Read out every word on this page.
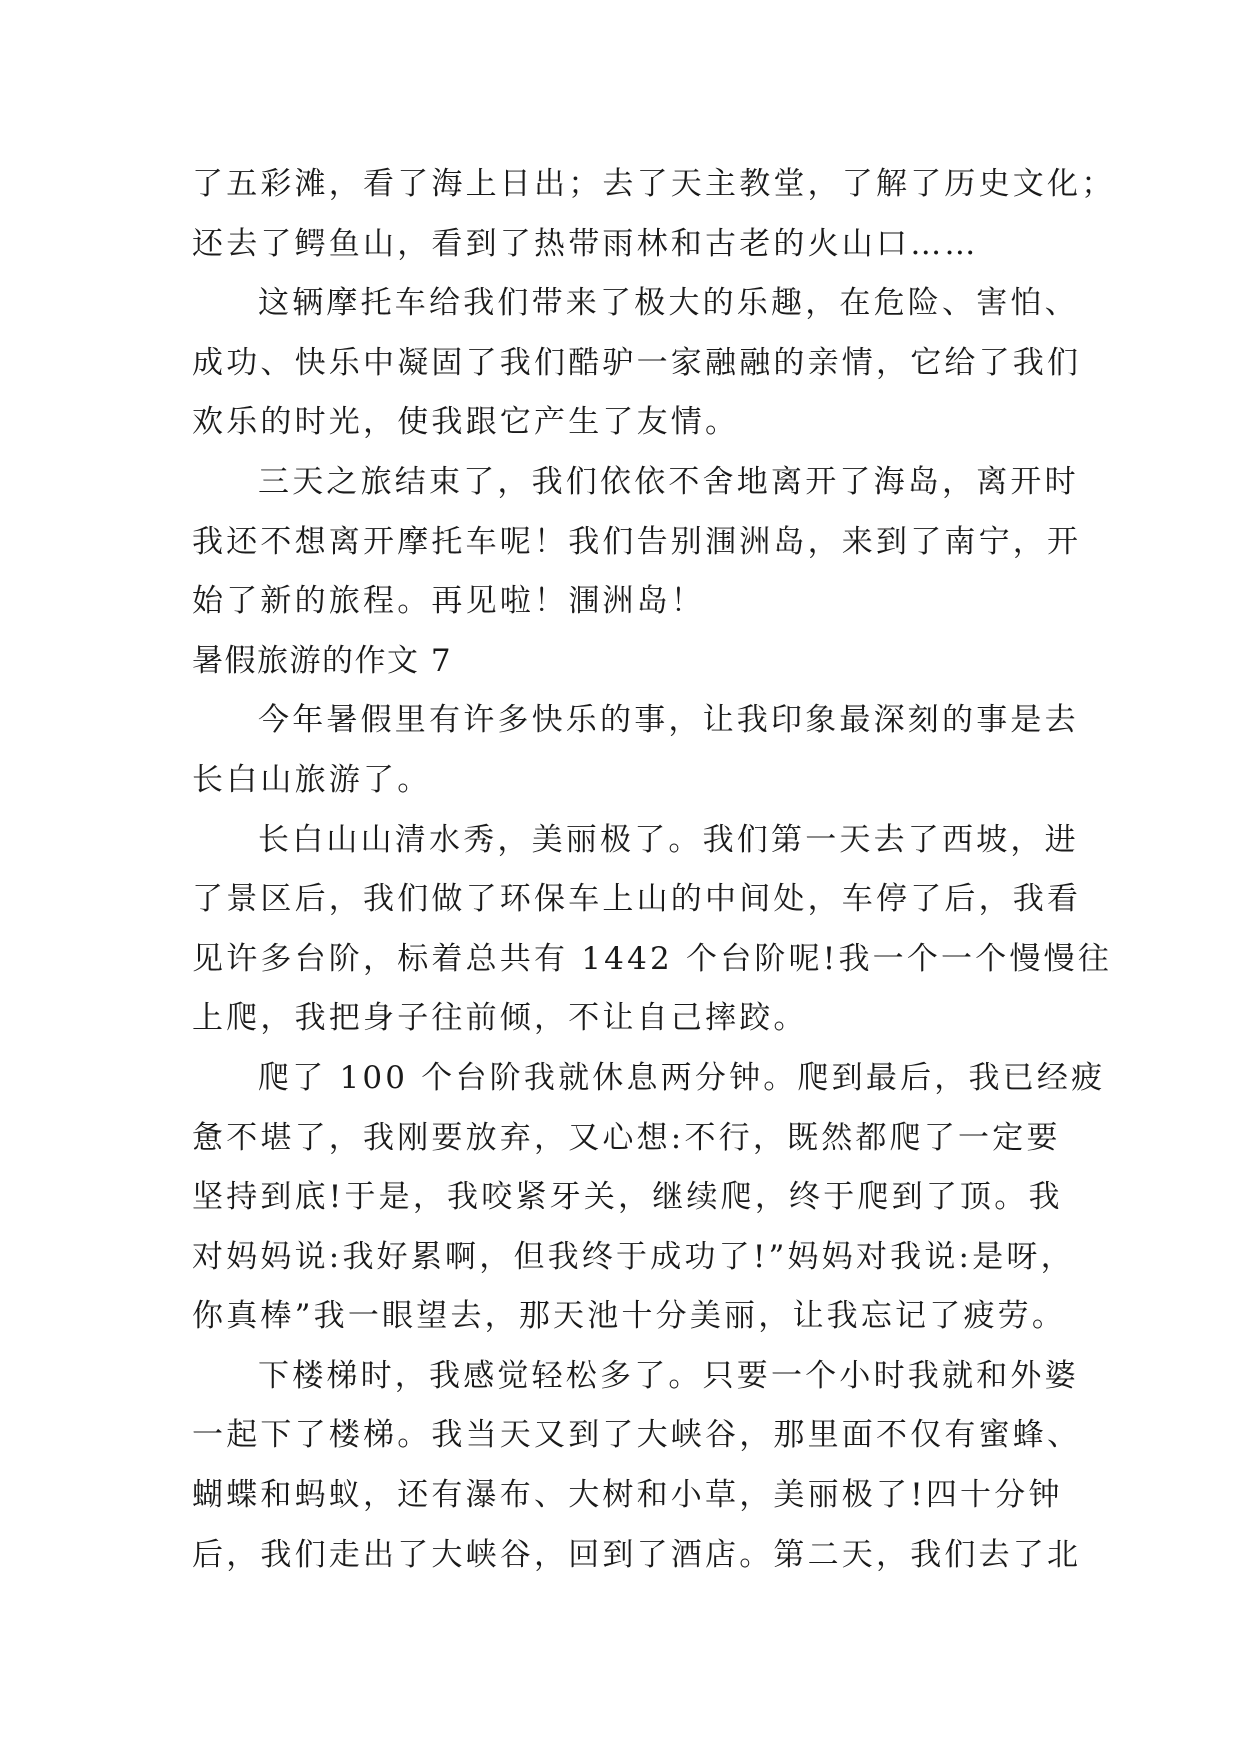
了五彩滩，看了海上日出；去了天主教堂，了解了历史文化；
还去了鳄鱼山，看到了热带雨林和古老的火山口……
这辆摩托车给我们带来了极大的乐趣，在危险、害怕、
成功、快乐中凝固了我们酷驴一家融融的亲情，它给了我们
欢乐的时光，使我跟它产生了友情。
三天之旅结束了，我们依依不舍地离开了海岛，离开时
我还不想离开摩托车呢！我们告别涠洲岛，来到了南宁，开
始了新的旅程。再见啦！涠洲岛！
暑假旅游的作文 7
今年暑假里有许多快乐的事，让我印象最深刻的事是去
长白山旅游了。
长白山山清水秀，美丽极了。我们第一天去了西坡，进
了景区后，我们做了环保车上山的中间处，车停了后，我看
见许多台阶，标着总共有 1442 个台阶呢!我一个一个慢慢往
上爬，我把身子往前倾，不让自己摔跤。
爬了 100 个台阶我就休息两分钟。爬到最后，我已经疲
惫不堪了，我刚要放弃，又心想:不行，既然都爬了一定要
坚持到底!于是，我咬紧牙关，继续爬，终于爬到了顶。我
对妈妈说:我好累啊，但我终于成功了!”妈妈对我说:是呀，
你真棒”我一眼望去，那天池十分美丽，让我忘记了疲劳。
下楼梯时，我感觉轻松多了。只要一个小时我就和外婆
一起下了楼梯。我当天又到了大峡谷，那里面不仅有蜜蜂、
蝴蝶和蚂蚁，还有瀑布、大树和小草，美丽极了!四十分钟
后，我们走出了大峡谷，回到了酒店。第二天，我们去了北
